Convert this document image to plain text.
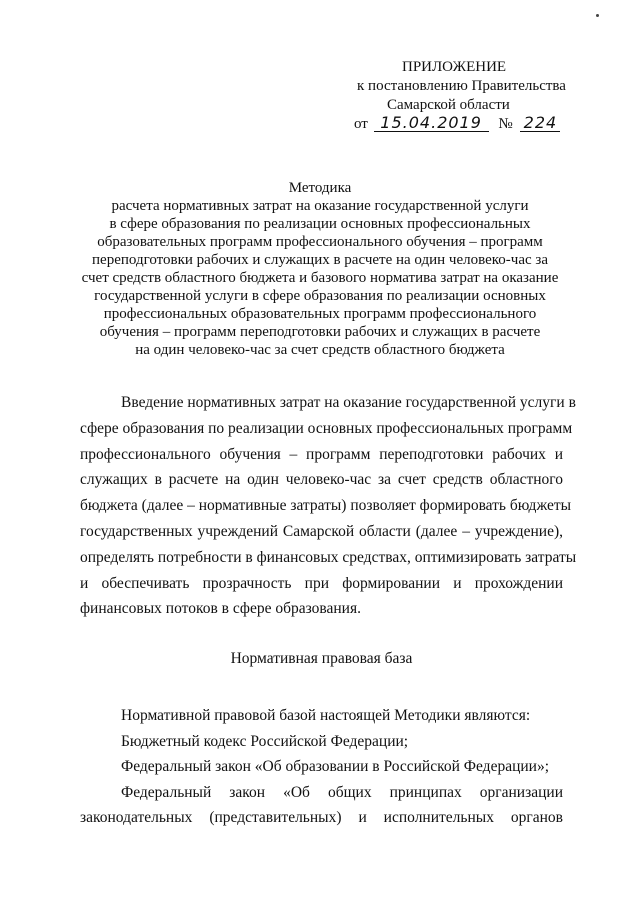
ПРИЛОЖЕНИЕ
к постановлению Правительства
Самарской области
от 15.04.2019 № 224
Методика
расчета нормативных затрат на оказание государственной услуги
в сфере образования по реализации основных профессиональных
образовательных программ профессионального обучения – программ
переподготовки рабочих и служащих в расчете на один человеко-час за
счет средств областного бюджета и базового норматива затрат на оказание
государственной услуги в сфере образования по реализации основных
профессиональных образовательных программ профессионального
обучения – программ переподготовки рабочих и служащих в расчете
на один человеко-час за счет средств областного бюджета
Введение нормативных затрат на оказание государственной услуги в
сфере образования по реализации основных профессиональных программ
профессионального обучения – программ переподготовки рабочих и
служащих в расчете на один человеко-час за счет средств областного
бюджета (далее – нормативные затраты) позволяет формировать бюджеты
государственных учреждений Самарской области (далее – учреждение),
определять потребности в финансовых средствах, оптимизировать затраты
и обеспечивать прозрачность при формировании и прохождении
финансовых потоков в сфере образования.
Нормативная правовая база
Нормативной правовой базой настоящей Методики являются:
Бюджетный кодекс Российской Федерации;
Федеральный закон «Об образовании в Российской Федерации»;
Федеральный закон «Об общих принципах организации
законодательных (представительных) и исполнительных органов
